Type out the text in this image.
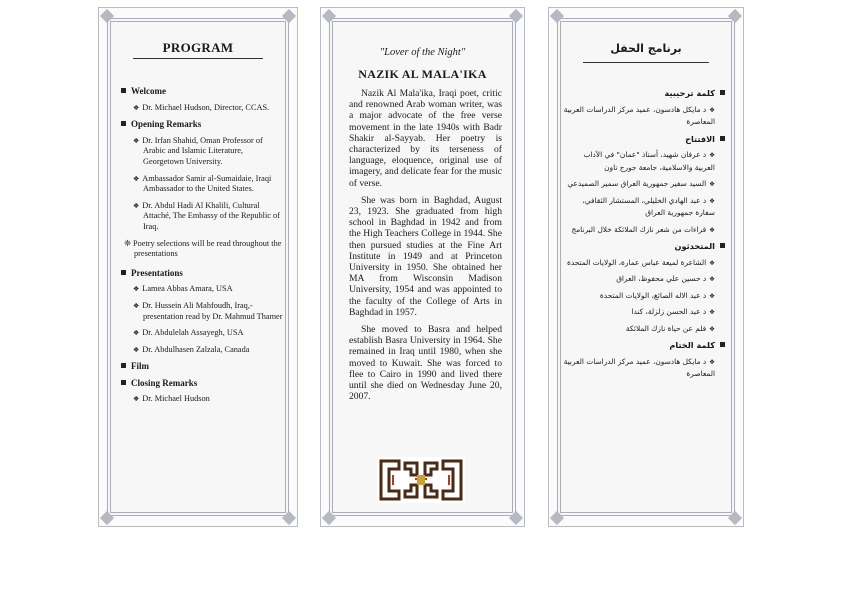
PROGRAM
Welcome
❖ Dr. Michael Hudson, Director, CCAS.
Opening Remarks
❖ Dr. Irfan Shahid, Oman Professor of Arabic and Islamic Literature, Georgetown University.
❖ Ambassador Samir al-Sumaidaie, Iraqi Ambassador to the United States.
❖ Dr. Abdul Hadi Al Khalili, Cultural Attaché, The Embassy of the Republic of Iraq.
❈ Poetry selections will be read throughout the presentations
Presentations
❖ Lamea Abbas Amara, USA
❖ Dr. Hussein Ali Mahfoudh, Iraq,-presentation read by Dr. Mahmud Thamer
❖ Dr. Abdulelah Assayegh, USA
❖ Dr. Abdulhasen Zalzala, Canada
Film
Closing Remarks
❖ Dr. Michael Hudson
"Lover of the Night"
NAZIK AL MALA'IKA

Nazik Al Mala'ika, Iraqi poet, critic and renowned Arab woman writer, was a major advocate of the free verse movement in the late 1940s with Badr Shakir al-Sayyab. Her poetry is characterized by its terseness of language, eloquence, original use of imagery, and delicate fear for the music of verse.

She was born in Baghdad, August 23, 1923. She graduated from high school in Baghdad in 1942 and from the High Teachers College in 1944. She then pursued studies at the Fine Art Institute in 1949 and at Princeton University in 1950. She obtained her MA from Wisconsin Madison University, 1954 and was appointed to the faculty of the College of Arts in Baghdad in 1957.

She moved to Basra and helped establish Basra University in 1964. She remained in Iraq until 1980, when she moved to Kuwait. She was forced to flee to Cairo in 1990 and lived there until she died on Wednesday June 20, 2007.

برنامج الحفل
كلمة ترحيبية
❖د مايكل هادسون، عميد مركز الدراسات العربية المعاصرة
الافتتاح
❖د عرفان شهيد، أستاذ "عمان" في الآداب العربية والاسلامية، جامعة جورج تاون
❖السيد سفير جمهورية العراق سمير الصميدعي
❖د عبد الهادي الخليلي، المستشار الثقافي، سفارة جمهورية العراق
❖قراءات من شعر نازك الملائكة خلال البرنامج
المتحدثون
❖الشاعرة لميعة عباس عمارة، الولايات المتحدة
❖د حسين علي محفوظ، العراق
❖د عبد الاله الصائغ، الولايات المتحدة
❖د عبد الحسن زلزلة، كندا
❖فلم عن حياة نازك الملائكة
كلمة الختام
❖د مايكل هادسون، عميد مركز الدراسات العربية المعاصرة
